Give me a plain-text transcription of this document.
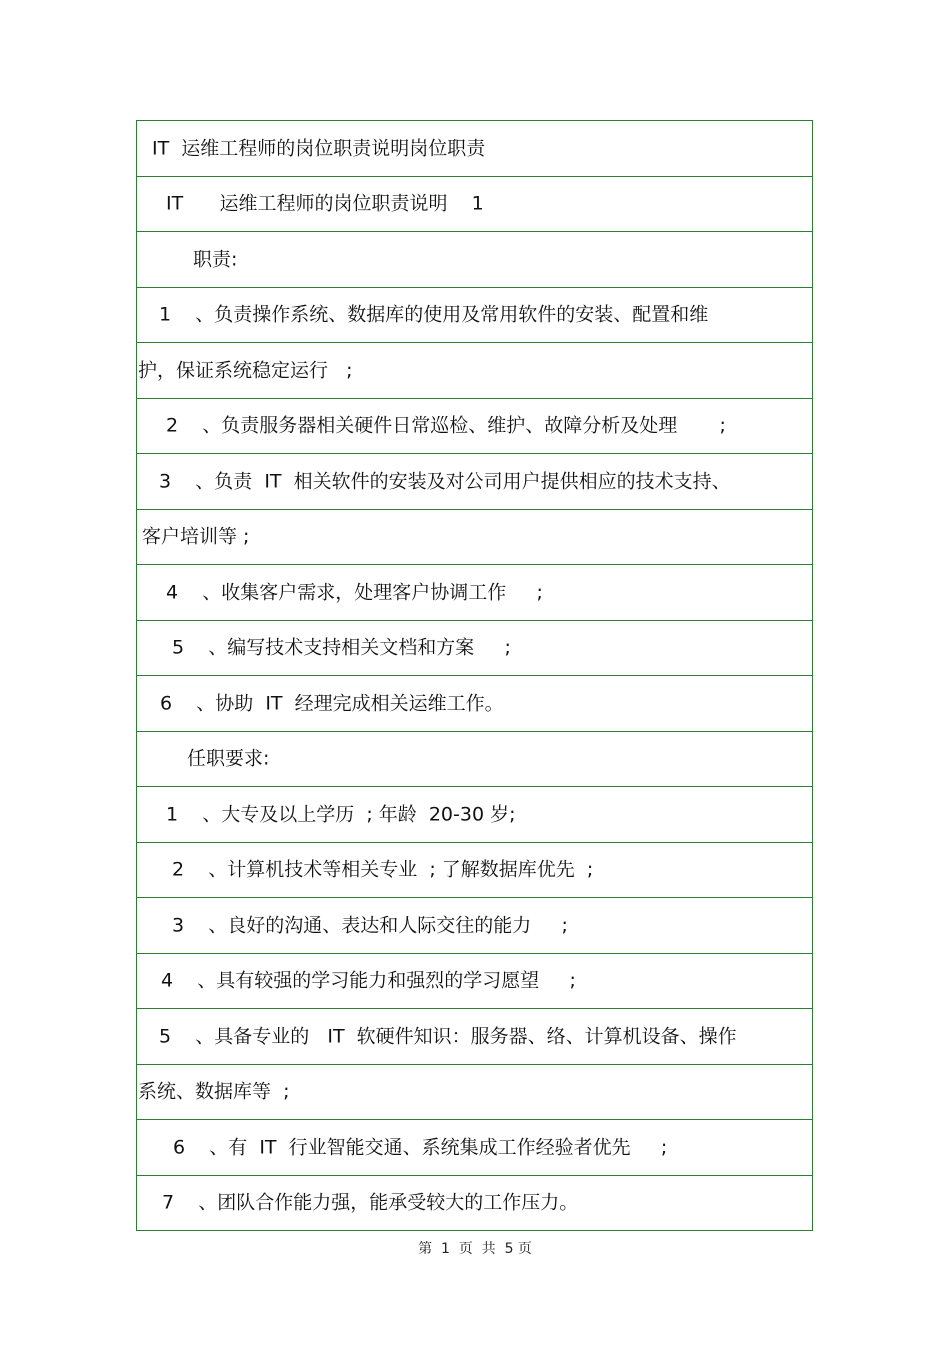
IT  运维工程师的岗位职责说明岗位职责
IT      运维工程师的岗位职责说明    1
职责:
1    、负责操作系统、数据库的使用及常用软件的安装、配置和维
护，保证系统稳定运行   ;
2    、负责服务器相关硬件日常巡检、维护、故障分析及处理       ;
3    、负责  IT  相关软件的安装及对公司用户提供相应的技术支持、
客户培训等 ;
4    、收集客户需求，处理客户协调工作     ;
5    、编写技术支持相关文档和方案     ;
6    、协助  IT  经理完成相关运维工作。
任职要求:
1    、大专及以上学历  ; 年龄  20-30 岁;
2    、计算机技术等相关专业  ; 了解数据库优先  ;
3    、良好的沟通、表达和人际交往的能力     ;
4    、具有较强的学习能力和强烈的学习愿望     ;
5    、具备专业的   IT  软硬件知识：服务器、络、计算机设备、操作
系统、数据库等  ;
6    、有  IT  行业智能交通、系统集成工作经验者优先     ;
7    、团队合作能力强，能承受较大的工作压力。
第  1  页  共  5 页
